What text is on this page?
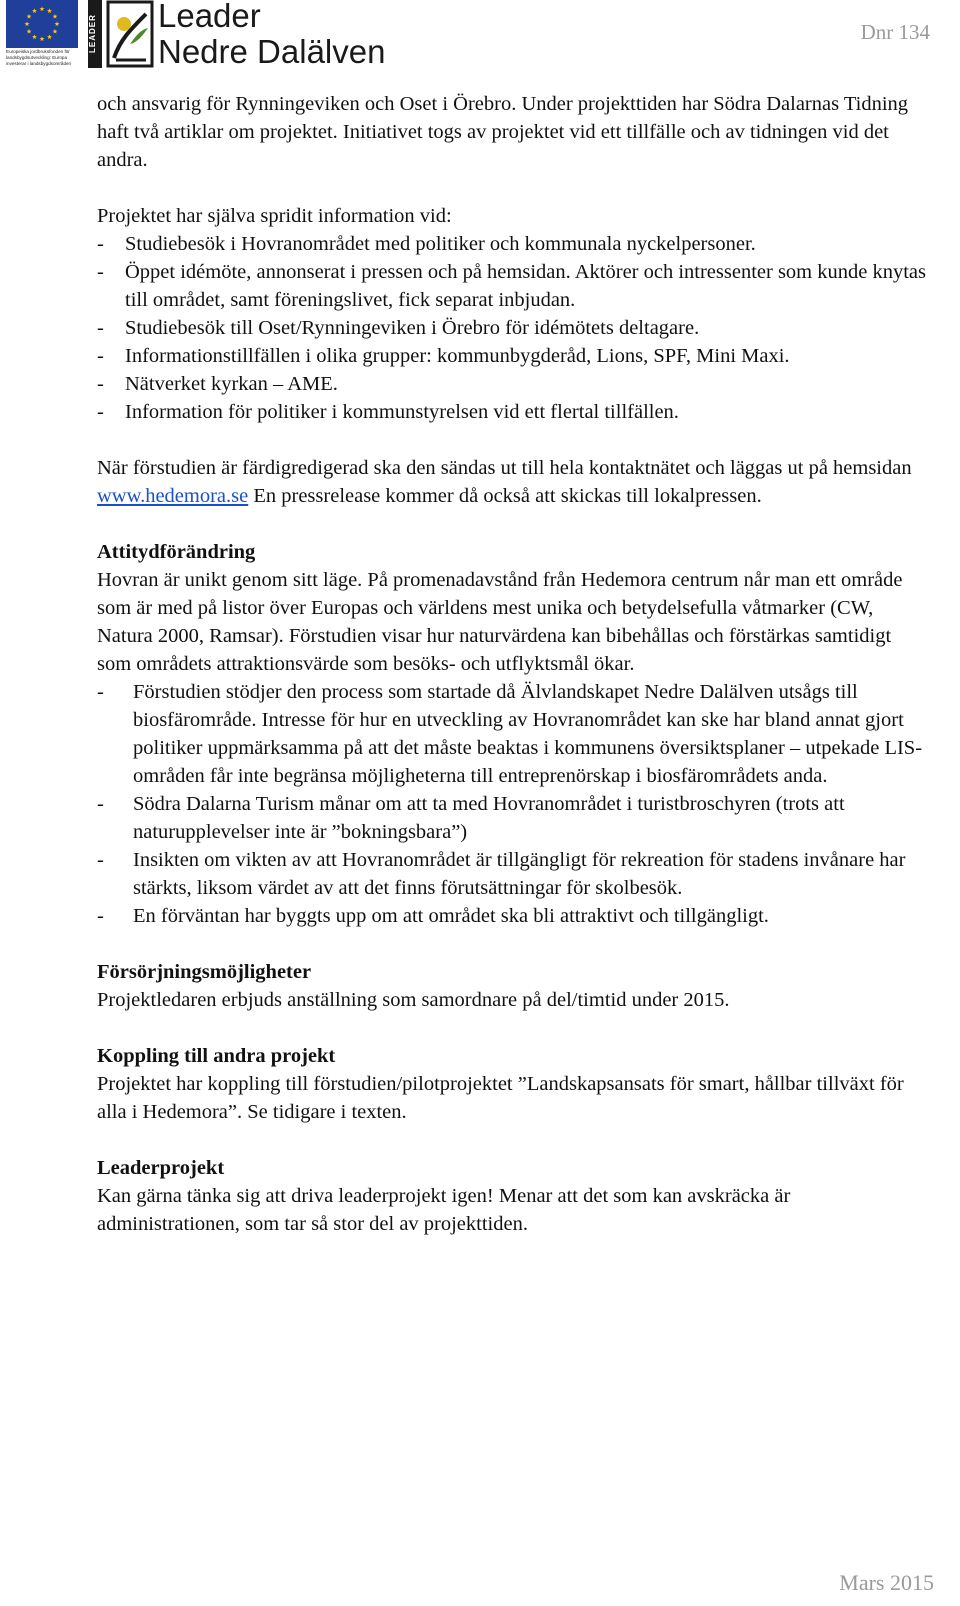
Europeiska jordbruksfonden för landsbygdsutveckling: Europa investerar i landsbygdsområden
LEADER Leader
Nedre Dalälven
Dnr 134

och ansvarig för Rynningeviken och Oset i Örebro. Under projekttiden har Södra Dalarnas Tidning haft två artiklar om projektet. Initiativet togs av projektet vid ett tillfälle och av tidningen vid det andra.

Projektet har själva spridit information vid:

- Studiebesök i Hovranområdet med politiker och kommunala nyckelpersoner.
- Öppet idémöte, annonserat i pressen och på hemsidan. Aktörer och intressenter som kunde knytas till området, samt föreningslivet, fick separat inbjudan.
- Studiebesök till Oset/Rynningeviken i Örebro för idémötets deltagare.
- Informationstillfällen i olika grupper: kommunbygderåd, Lions, SPF, Mini Maxi.
- Nätverket kyrkan – AME.
- Information för politiker i kommunstyrelsen vid ett flertal tillfällen.

När förstudien är färdigredigerad ska den sändas ut till hela kontaktnätet och läggas ut på hemsidan www.hedemora.se En pressrelease kommer då också att skickas till lokalpressen.

Attitydförändring

Hovran är unikt genom sitt läge. På promenadavstånd från Hedemora centrum når man ett område som är med på listor över Europas och världens mest unika och betydelsefulla våtmarker (CW, Natura 2000, Ramsar). Förstudien visar hur naturvärdena kan bibehållas och förstärkas samtidigt som områdets attraktionsvärde som besöks- och utflyktsmål ökar.

- Förstudien stödjer den process som startade då Älvlandskapet Nedre Dalälven utsågs till biosfärområde. Intresse för hur en utveckling av Hovranområdet kan ske har bland annat gjort politiker uppmärksamma på att det måste beaktas i kommunens översiktsplaner – utpekade LIS-områden får inte begränsa möjligheterna till entreprenörskap i biosfärområdets anda.
- Södra Dalarna Turism månar om att ta med Hovranområdet i turistbroschyren (trots att naturupplevelser inte är ”bokningsbara”)
- Insikten om vikten av att Hovranområdet är tillgängligt för rekreation för stadens invånare har stärkts, liksom värdet av att det finns förutsättningar för skolbesök.
- En förväntan har byggts upp om att området ska bli attraktivt och tillgängligt.

Försörjningsmöjligheter

Projektledaren erbjuds anställning som samordnare på del/timtid under 2015.

Koppling till andra projekt

Projektet har koppling till förstudien/pilotprojektet ”Landskapsansats för smart, hållbar tillväxt för alla i Hedemora”. Se tidigare i texten.

Leaderprojekt

Kan gärna tänka sig att driva leaderprojekt igen! Menar att det som kan avskräcka är administrationen, som tar så stor del av projekttiden.

Mars 2015
